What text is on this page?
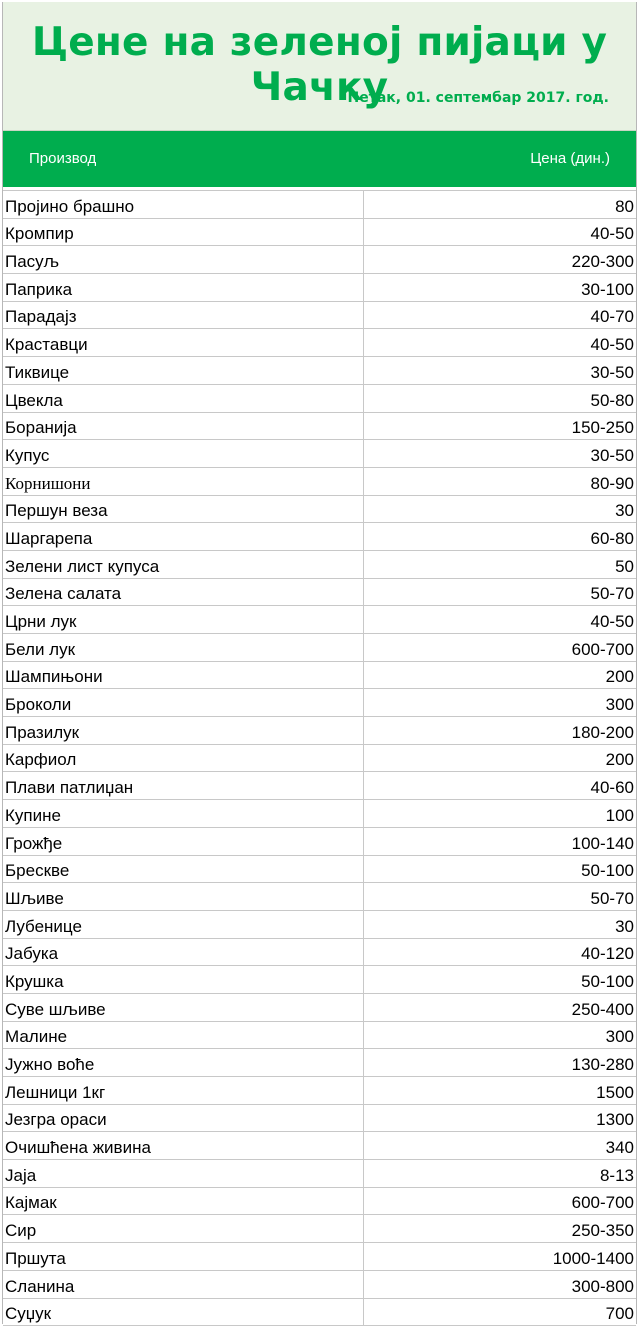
Цене на зеленој пијаци у Чачку
Петак, 01. септембар 2017. год.
Производ	Цена (дин.)
Пројино брашно	80
Кромпир	40-50
Пасуљ	220-300
Паприка	30-100
Парадајз	40-70
Краставци	40-50
Тиквице	30-50
Цвекла	50-80
Боранија	150-250
Купус	30-50
Корнишони	80-90
Першун веза	30
Шаргарепа	60-80
Зелени лист купуса	50
Зелена салата	50-70
Црни лук	40-50
Бели лук	600-700
Шампињони	200
Броколи	300
Празилук	180-200
Карфиол	200
Плави патлиџан	40-60
Купине	100
Грожђе	100-140
Брескве	50-100
Шљиве	50-70
Лубенице	30
Јабука	40-120
Крушка	50-100
Суве шљиве	250-400
Малине	300
Јужно воће	130-280
Лешници 1кг	1500
Језгра ораси	1300
Очишћена живина	340
Јаја	8-13
Кајмак	600-700
Сир	250-350
Пршута	1000-1400
Сланина	300-800
Суџук	700
